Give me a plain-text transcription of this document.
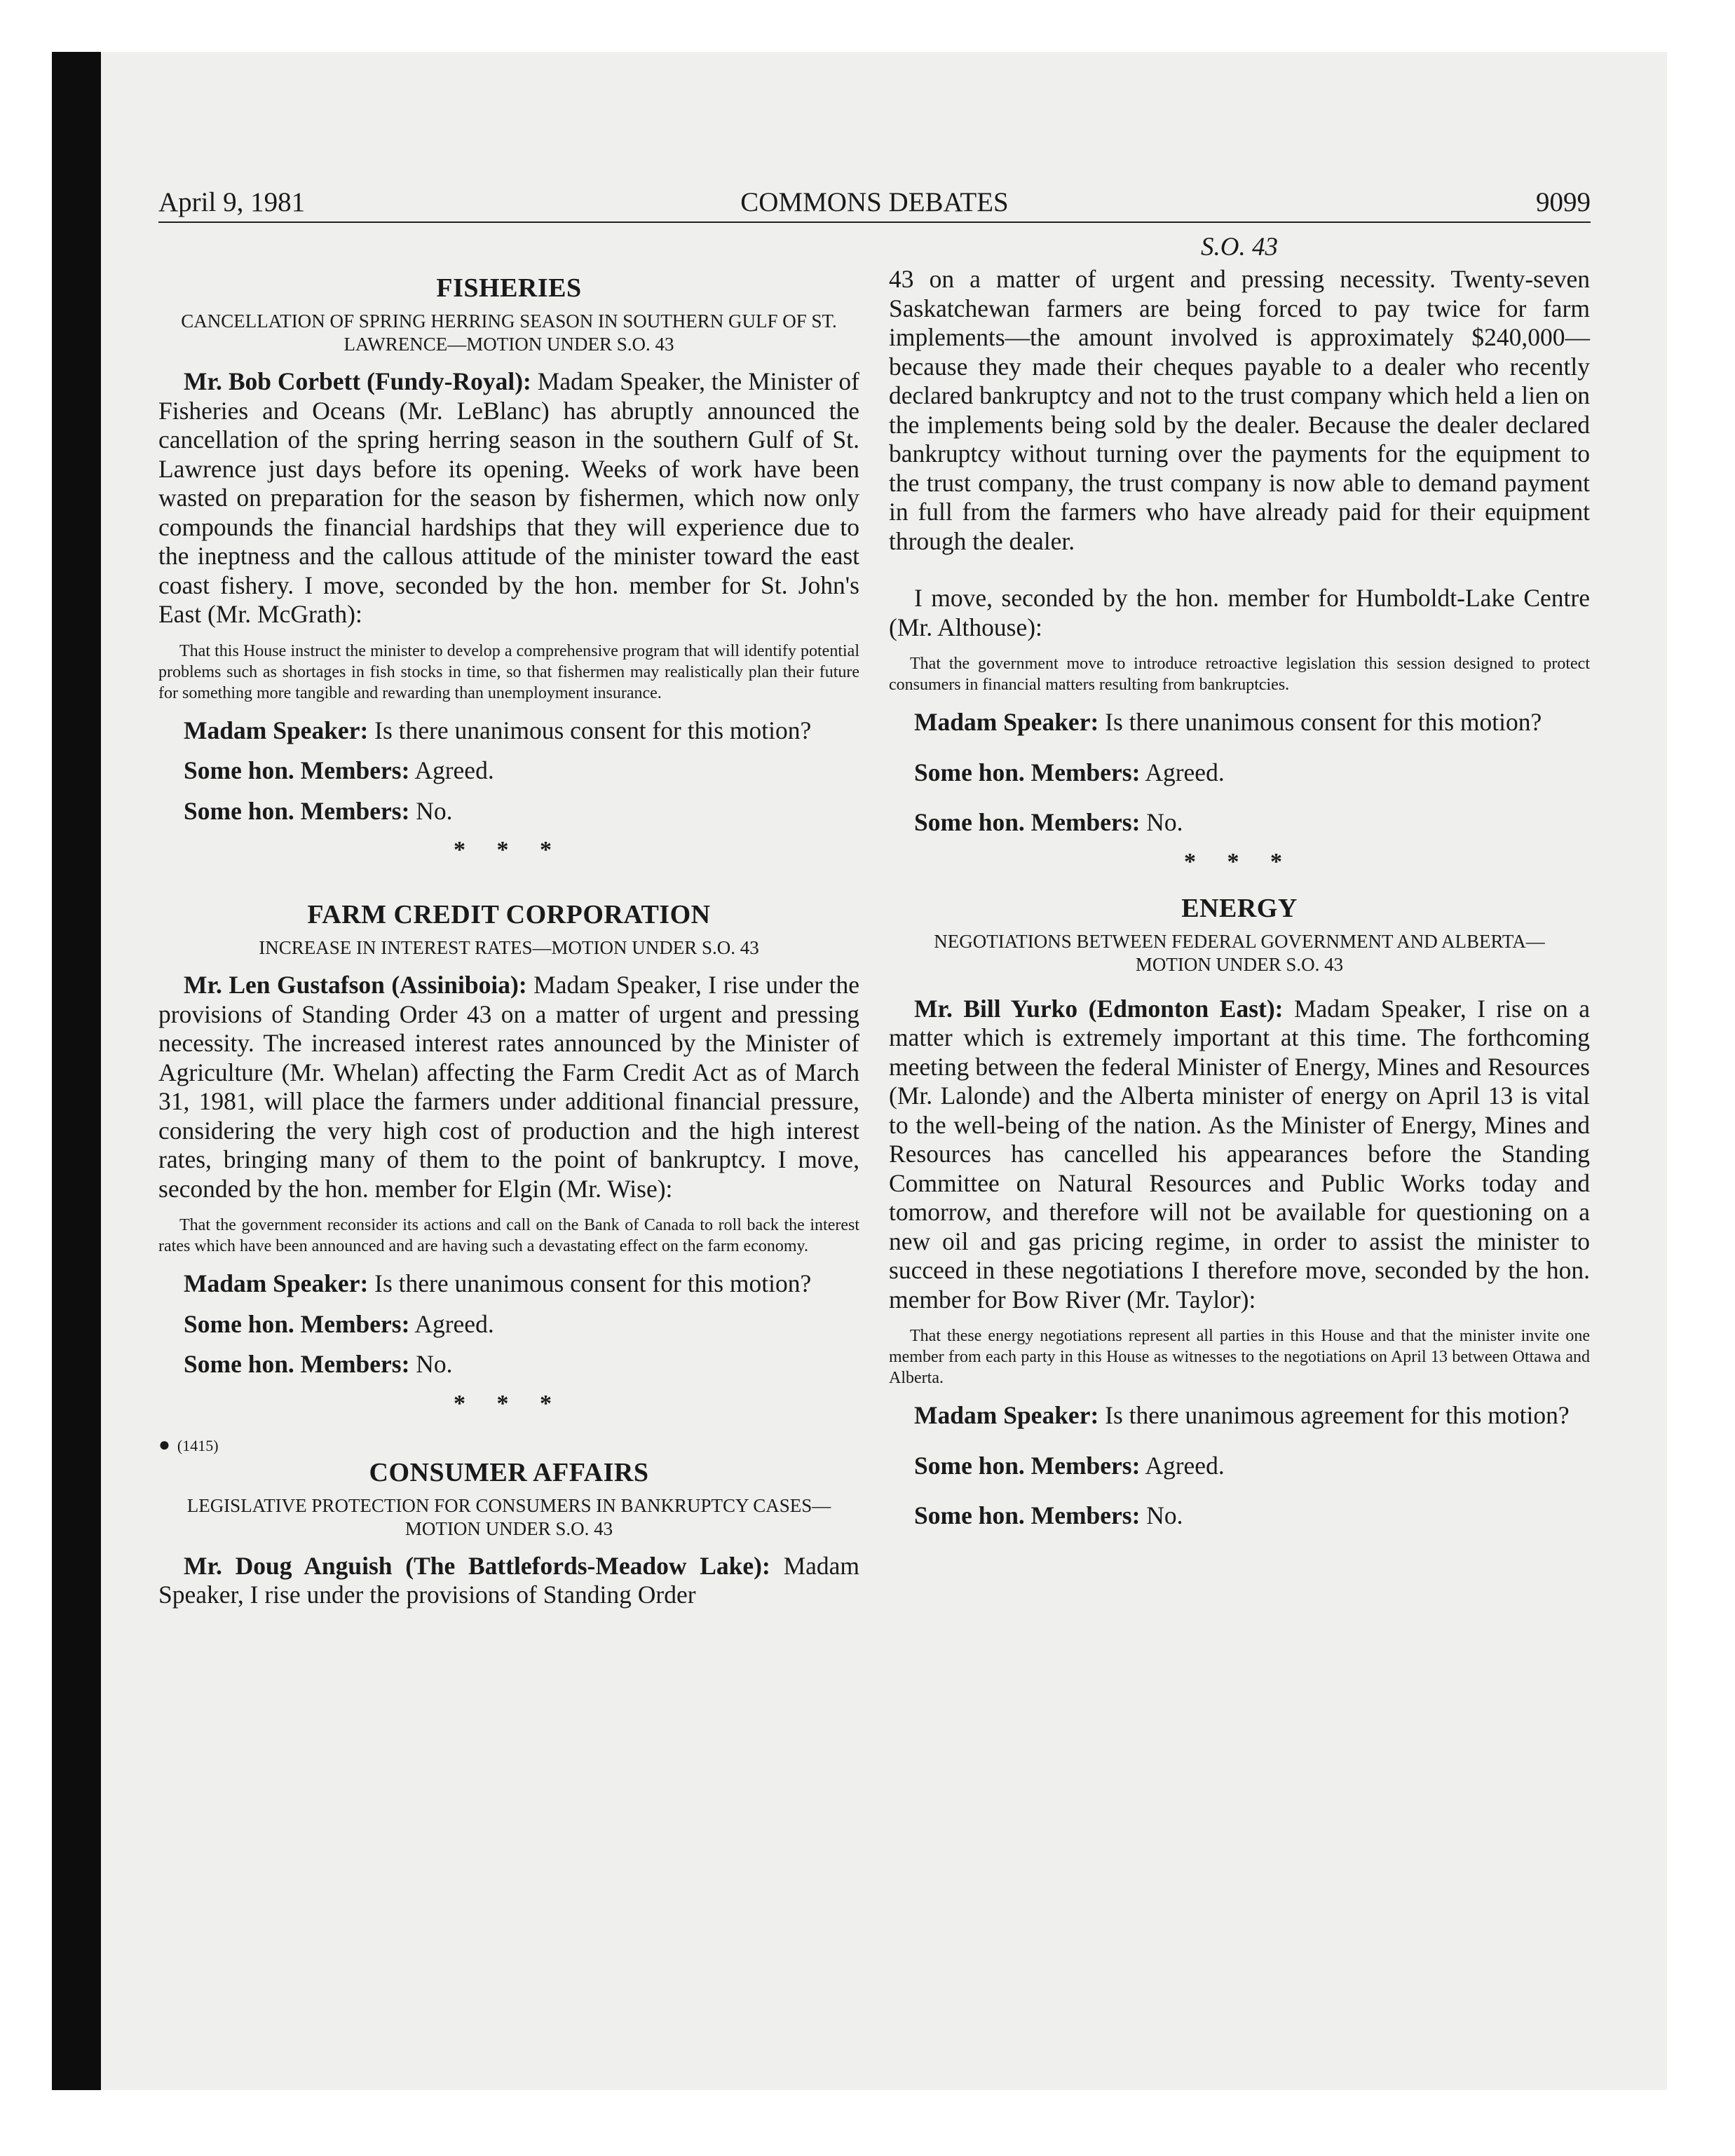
April 9, 1981	COMMONS DEBATES	9099
FISHERIES
CANCELLATION OF SPRING HERRING SEASON IN SOUTHERN GULF OF ST. LAWRENCE—MOTION UNDER S.O. 43

Mr. Bob Corbett (Fundy-Royal): Madam Speaker, the Minister of Fisheries and Oceans (Mr. LeBlanc) has abruptly announced the cancellation of the spring herring season in the southern Gulf of St. Lawrence just days before its opening. Weeks of work have been wasted on preparation for the season by fishermen, which now only compounds the financial hardships that they will experience due to the ineptness and the callous attitude of the minister toward the east coast fishery. I move, seconded by the hon. member for St. John's East (Mr. McGrath):

That this House instruct the minister to develop a comprehensive program that will identify potential problems such as shortages in fish stocks in time, so that fishermen may realistically plan their future for something more tangible and rewarding than unemployment insurance.

Madam Speaker: Is there unanimous consent for this motion?

Some hon. Members: Agreed.

Some hon. Members: No.

* * *
FARM CREDIT CORPORATION
INCREASE IN INTEREST RATES—MOTION UNDER S.O. 43

Mr. Len Gustafson (Assiniboia): Madam Speaker, I rise under the provisions of Standing Order 43 on a matter of urgent and pressing necessity. The increased interest rates announced by the Minister of Agriculture (Mr. Whelan) affecting the Farm Credit Act as of March 31, 1981, will place the farmers under additional financial pressure, considering the very high cost of production and the high interest rates, bringing many of them to the point of bankruptcy. I move, seconded by the hon. member for Elgin (Mr. Wise):

That the government reconsider its actions and call on the Bank of Canada to roll back the interest rates which have been announced and are having such a devastating effect on the farm economy.

Madam Speaker: Is there unanimous consent for this motion?

Some hon. Members: Agreed.

Some hon. Members: No.

* * *
● (1415)
CONSUMER AFFAIRS
LEGISLATIVE PROTECTION FOR CONSUMERS IN BANKRUPTCY CASES—MOTION UNDER S.O. 43

Mr. Doug Anguish (The Battlefords-Meadow Lake): Madam Speaker, I rise under the provisions of Standing Order

S.O. 43

43 on a matter of urgent and pressing necessity. Twenty-seven Saskatchewan farmers are being forced to pay twice for farm implements—the amount involved is approximately $240,000—because they made their cheques payable to a dealer who recently declared bankruptcy and not to the trust company which held a lien on the implements being sold by the dealer. Because the dealer declared bankruptcy without turning over the payments for the equipment to the trust company, the trust company is now able to demand payment in full from the farmers who have already paid for their equipment through the dealer.

I move, seconded by the hon. member for Humboldt-Lake Centre (Mr. Althouse):

That the government move to introduce retroactive legislation this session designed to protect consumers in financial matters resulting from bankruptcies.

Madam Speaker: Is there unanimous consent for this motion?

Some hon. Members: Agreed.

Some hon. Members: No.

* * *
ENERGY
NEGOTIATIONS BETWEEN FEDERAL GOVERNMENT AND ALBERTA—MOTION UNDER S.O. 43

Mr. Bill Yurko (Edmonton East): Madam Speaker, I rise on a matter which is extremely important at this time. The forthcoming meeting between the federal Minister of Energy, Mines and Resources (Mr. Lalonde) and the Alberta minister of energy on April 13 is vital to the well-being of the nation. As the Minister of Energy, Mines and Resources has cancelled his appearances before the Standing Committee on Natural Resources and Public Works today and tomorrow, and therefore will not be available for questioning on a new oil and gas pricing regime, in order to assist the minister to succeed in these negotiations I therefore move, seconded by the hon. member for Bow River (Mr. Taylor):

That these energy negotiations represent all parties in this House and that the minister invite one member from each party in this House as witnesses to the negotiations on April 13 between Ottawa and Alberta.

Madam Speaker: Is there unanimous agreement for this motion?

Some hon. Members: Agreed.

Some hon. Members: No.
